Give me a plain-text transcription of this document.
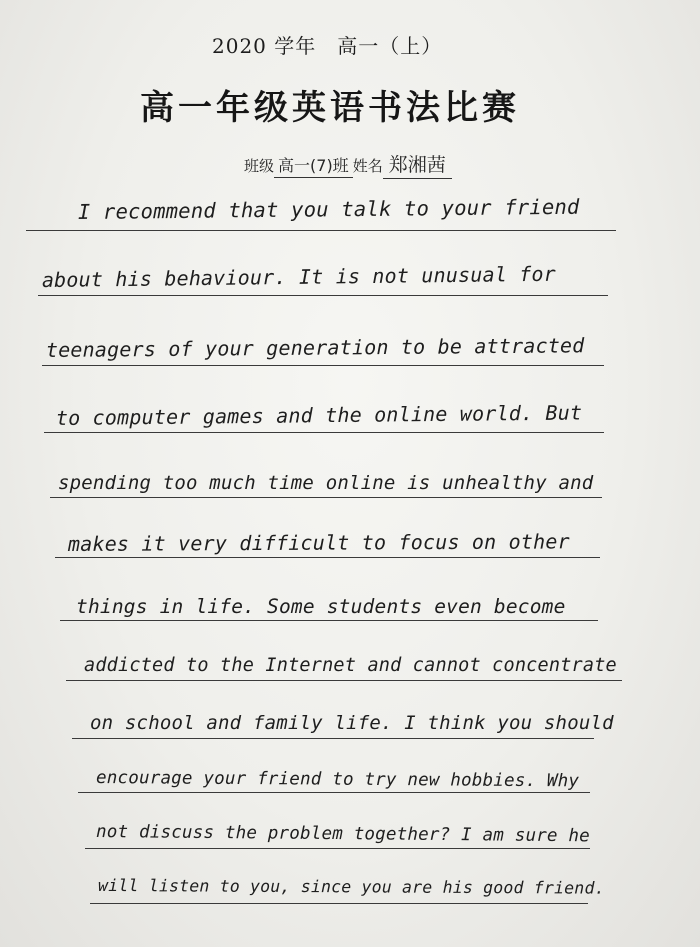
2020 学年　高一（上）
高一年级英语书法比赛
班级 高一(7)班 姓名 郑湘茜
I recommend that you talk to your friend
about his behaviour. It is not unusual for
teenagers of your generation to be attracted
to computer games and the online world. But
spending too much time online is unhealthy and
makes it very difficult to focus on other
things in life. Some students even become
addicted to the Internet and cannot concentrate
on school and family life. I think you should
encourage your friend to try new hobbies. Why
not discuss the problem together? I am sure he
will listen to you, since you are his good friend.
